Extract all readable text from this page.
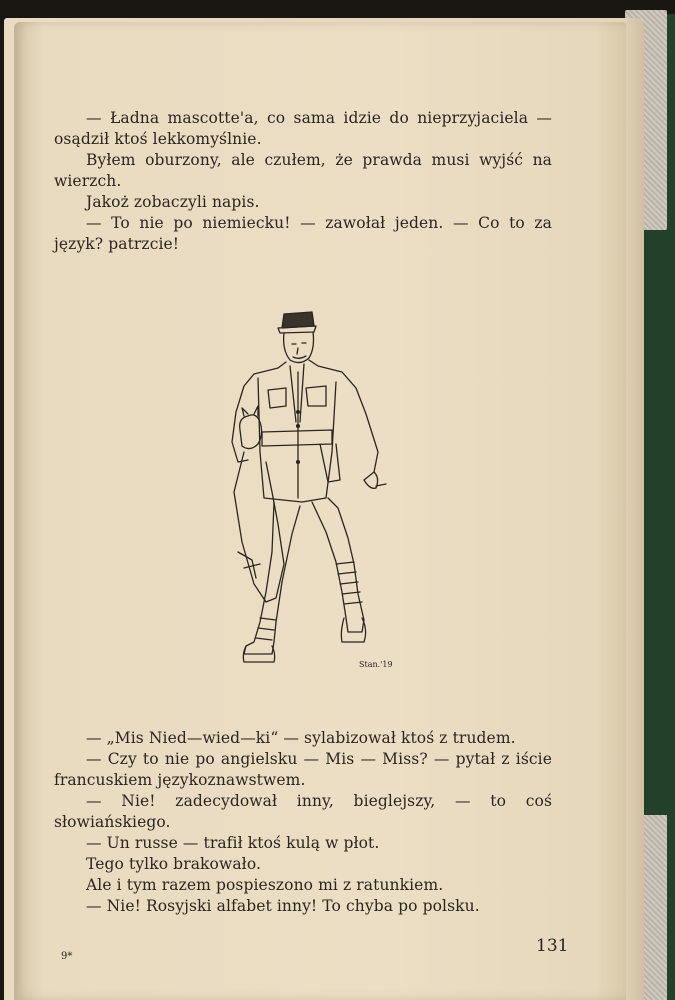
— Ładna mascotte'a, co sama idzie do nieprzyjaciela — osądził ktoś lekkomyślnie.

Byłem oburzony, ale czułem, że prawda musi wyjść na wierzch.

Jakoż zobaczyli napis.

— To nie po niemiecku! — zawołał jeden. — Co to za język? patrzcie!

Stan.'19

— „Mis Nied—wied—ki“ — sylabizował ktoś z trudem.

— Czy to nie po angielsku — Mis — Miss? — pytał z iście francuskiem językoznawstwem.

— Nie! zadecydował inny, bieglejszy, — to coś słowiańskiego.

— Un russe — trafił ktoś kulą w płot.

Tego tylko brakowało.

Ale i tym razem pospieszono mi z ratunkiem.

— Nie! Rosyjski alfabet inny! To chyba po polsku.

9*
131
